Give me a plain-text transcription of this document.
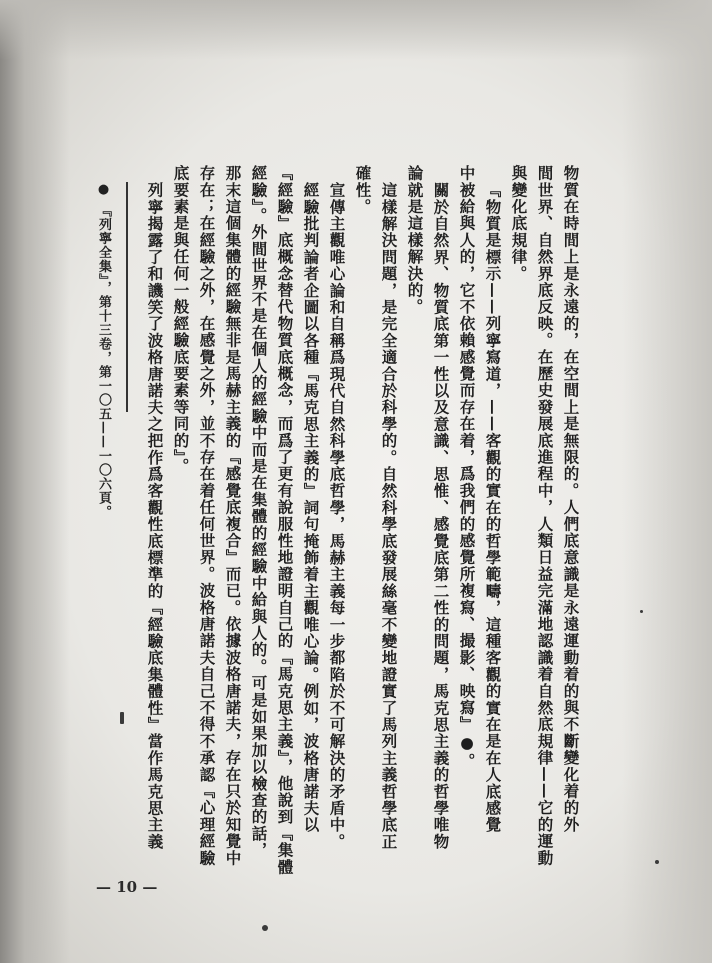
物質在時間上是永遠的，在空間上是無限的。人們底意識是永遠運動着的與不斷變化着的外
間世界、自然界底反映。在歷史發展底進程中，人類日益完滿地認識着自然底規律——它的運動
與變化底規律。
『物質是標示——列寧寫道，——客觀的實在的哲學範疇，這種客觀的實在是在人底感覺
中被給與人的，它不依賴感覺而存在着，爲我們的感覺所複寫、撮影、映寫』●。
關於自然界、物質底第一性以及意識、思惟、感覺底第二性的問題，馬克思主義的哲學唯物
論就是這樣解決的。
這樣解決問題，是完全適合於科學的。自然科學底發展絲毫不變地證實了馬列主義哲學底正
確性。
宣傳主觀唯心論和自稱爲現代自然科學底哲學，馬赫主義每一步都陷於不可解決的矛盾中。
經驗批判論者企圖以各種『馬克思主義的』詞句掩飾着主觀唯心論。例如，波格唐諾夫以
『經驗』底概念替代物質底概念，而爲了更有說服性地證明自己的『馬克思主義』，他說到『集體
經驗』。外間世界不是在個人的經驗中而是在集體的經驗中給與人的。可是如果加以檢查的話，
那末這個集體的經驗無非是馬赫主義的『感覺底複合』而已。依據波格唐諾夫，存在只於知覺中
存在；在經驗之外，在感覺之外，並不存在着任何世界。波格唐諾夫自己不得不承認『心理經驗
底要素是與任何一般經驗底要素等同的』。
列寧揭露了和譏笑了波格唐諾夫之把作爲客觀性底標準的『經驗底集體性』當作馬克思主義
● 『列寧全集』，第十三卷，第一〇五——一〇六頁。
— 10 —
